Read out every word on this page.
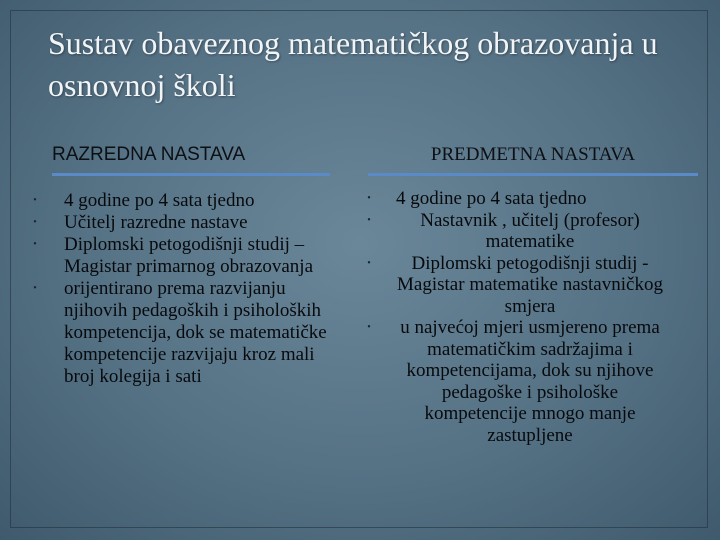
Sustav obaveznog matematičkog obrazovanja u osnovnoj školi
RAZREDNA NASTAVA	PREDMETNA NASTAVA
• 4 godine po 4 sata tjedno
• Učitelj razredne nastave
• Diplomski petogodišnji studij – Magistar primarnog obrazovanja
• orijentirano prema razvijanju njihovih pedagoških i psiholoških kompetencija, dok se matematičke kompetencije razvijaju kroz mali broj kolegija i sati
• 4 godine po 4 sata tjedno
•	Nastavnik , učitelj (profesor) matematike
•	Diplomski petogodišnji studij - Magistar matematike nastavničkog smjera
• u najvećoj mjeri usmjereno prema matematičkim sadržajima i kompetencijama, dok su njihove pedagoške i psihološke kompetencije mnogo manje zastupljene
